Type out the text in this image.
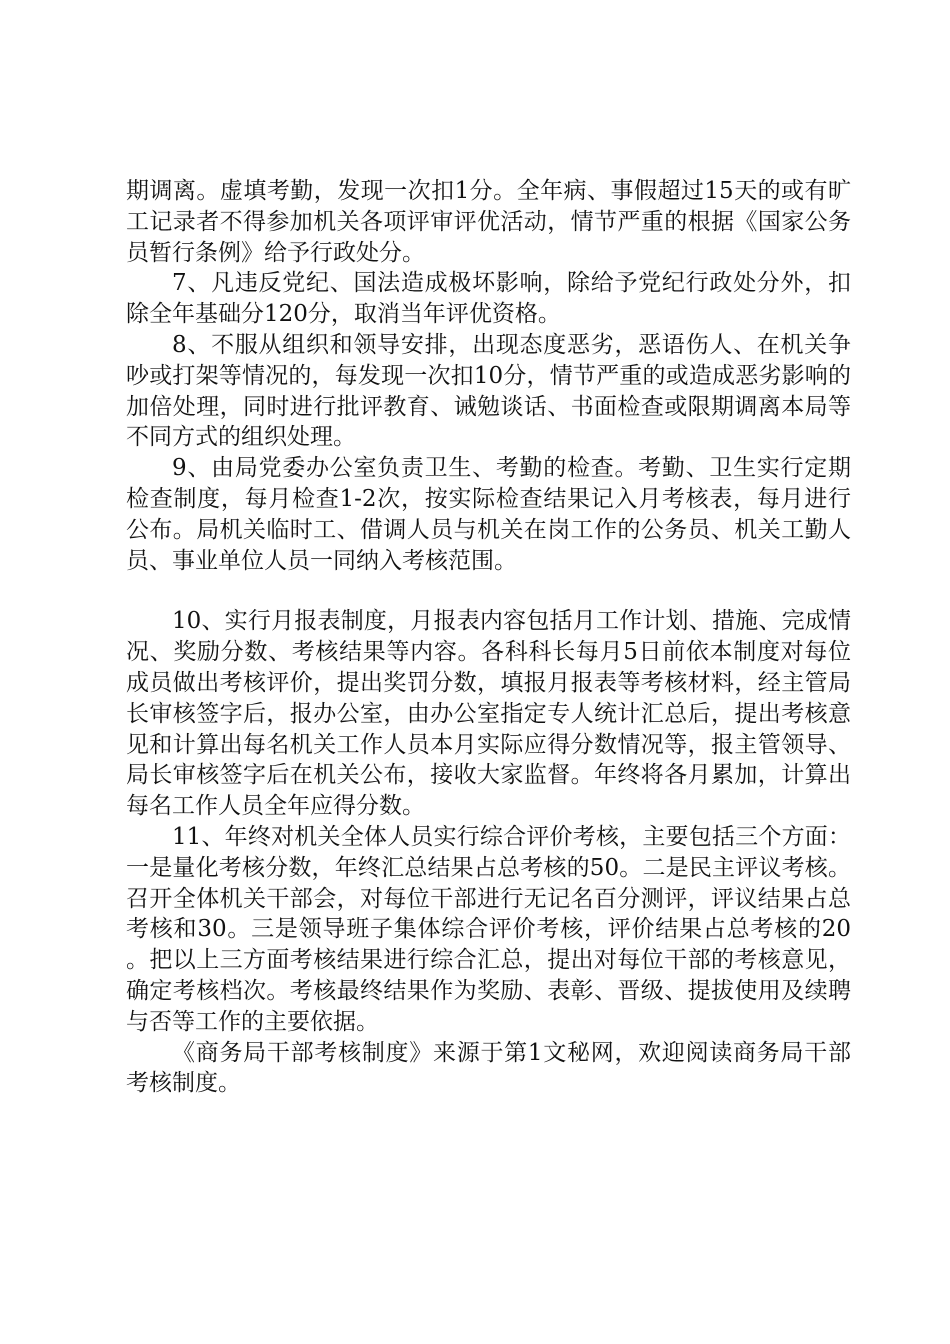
期调离。虚填考勤，发现一次扣1分。全年病、事假超过15天的或有旷工记录者不得参加机关各项评审评优活动，情节严重的根据《国家公务员暂行条例》给予行政处分。

7、凡违反党纪、国法造成极坏影响，除给予党纪行政处分外，扣除全年基础分120分，取消当年评优资格。

8、不服从组织和领导安排，出现态度恶劣，恶语伤人、在机关争吵或打架等情况的，每发现一次扣10分，情节严重的或造成恶劣影响的加倍处理，同时进行批评教育、诫勉谈话、书面检查或限期调离本局等不同方式的组织处理。

9、由局党委办公室负责卫生、考勤的检查。考勤、卫生实行定期检查制度，每月检查1-2次，按实际检查结果记入月考核表，每月进行公布。局机关临时工、借调人员与机关在岗工作的公务员、机关工勤人员、事业单位人员一同纳入考核范围。

10、实行月报表制度，月报表内容包括月工作计划、措施、完成情况、奖励分数、考核结果等内容。各科科长每月5日前依本制度对每位成员做出考核评价，提出奖罚分数，填报月报表等考核材料，经主管局长审核签字后，报办公室，由办公室指定专人统计汇总后，提出考核意见和计算出每名机关工作人员本月实际应得分数情况等，报主管领导、局长审核签字后在机关公布，接收大家监督。年终将各月累加，计算出每名工作人员全年应得分数。

11、年终对机关全体人员实行综合评价考核，主要包括三个方面：一是量化考核分数，年终汇总结果占总考核的50。二是民主评议考核。召开全体机关干部会，对每位干部进行无记名百分测评，评议结果占总考核和30。三是领导班子集体综合评价考核，评价结果占总考核的20。把以上三方面考核结果进行综合汇总，提出对每位干部的考核意见，确定考核档次。考核最终结果作为奖励、表彰、晋级、提拔使用及续聘与否等工作的主要依据。

《商务局干部考核制度》来源于第1文秘网，欢迎阅读商务局干部考核制度。
